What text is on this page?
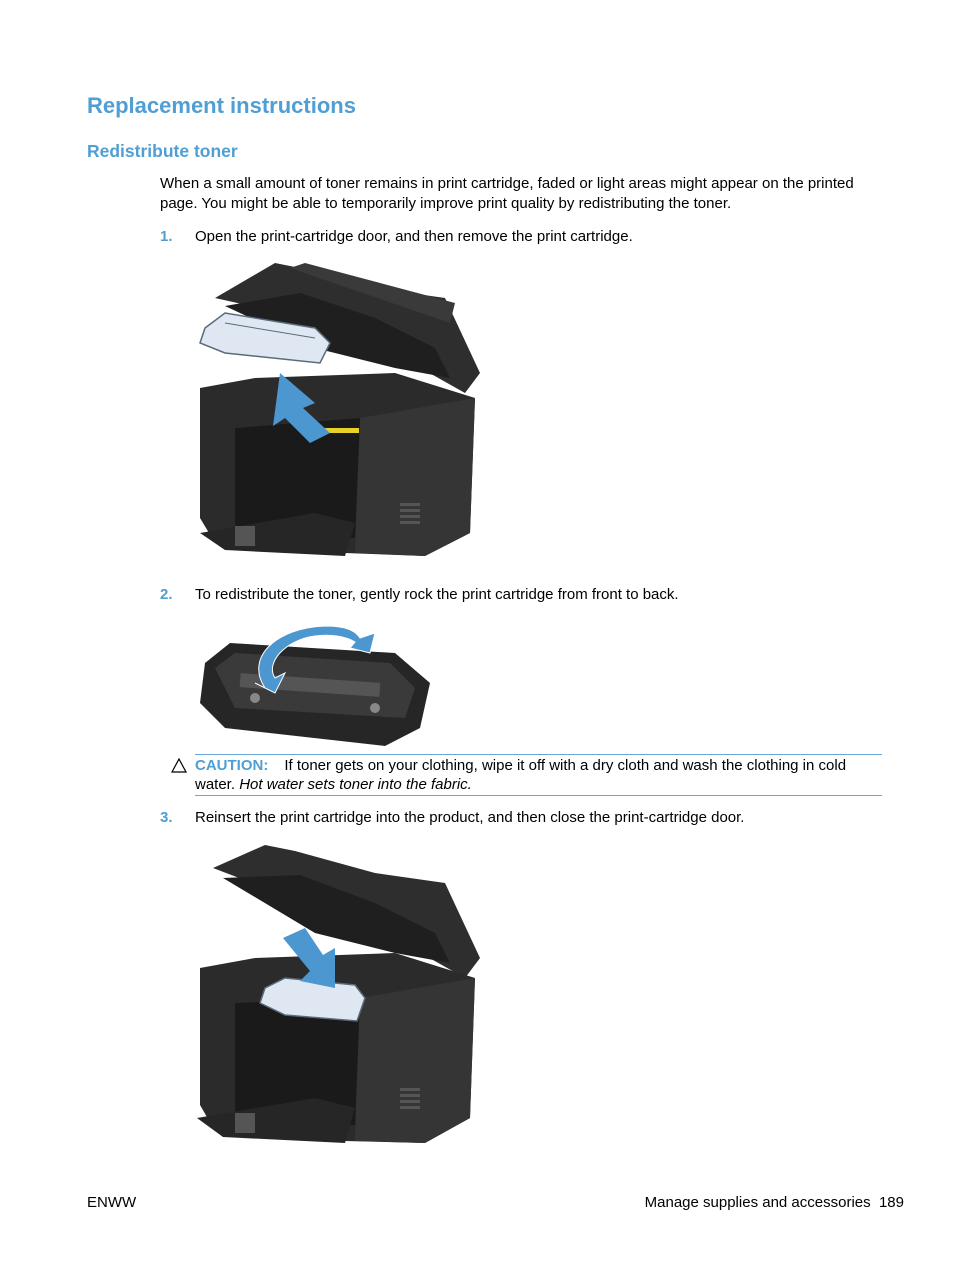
Replacement instructions
Redistribute toner

When a small amount of toner remains in print cartridge, faded or light areas might appear on the printed page. You might be able to temporarily improve print quality by redistributing the toner.

1. Open the print-cartridge door, and then remove the print cartridge.
2. To redistribute the toner, gently rock the print cartridge from front to back.
CAUTION: If toner gets on your clothing, wipe it off with a dry cloth and wash the clothing in cold water. Hot water sets toner into the fabric.
3. Reinsert the print cartridge into the product, and then close the print-cartridge door.
ENWW	Manage supplies and accessories 189
